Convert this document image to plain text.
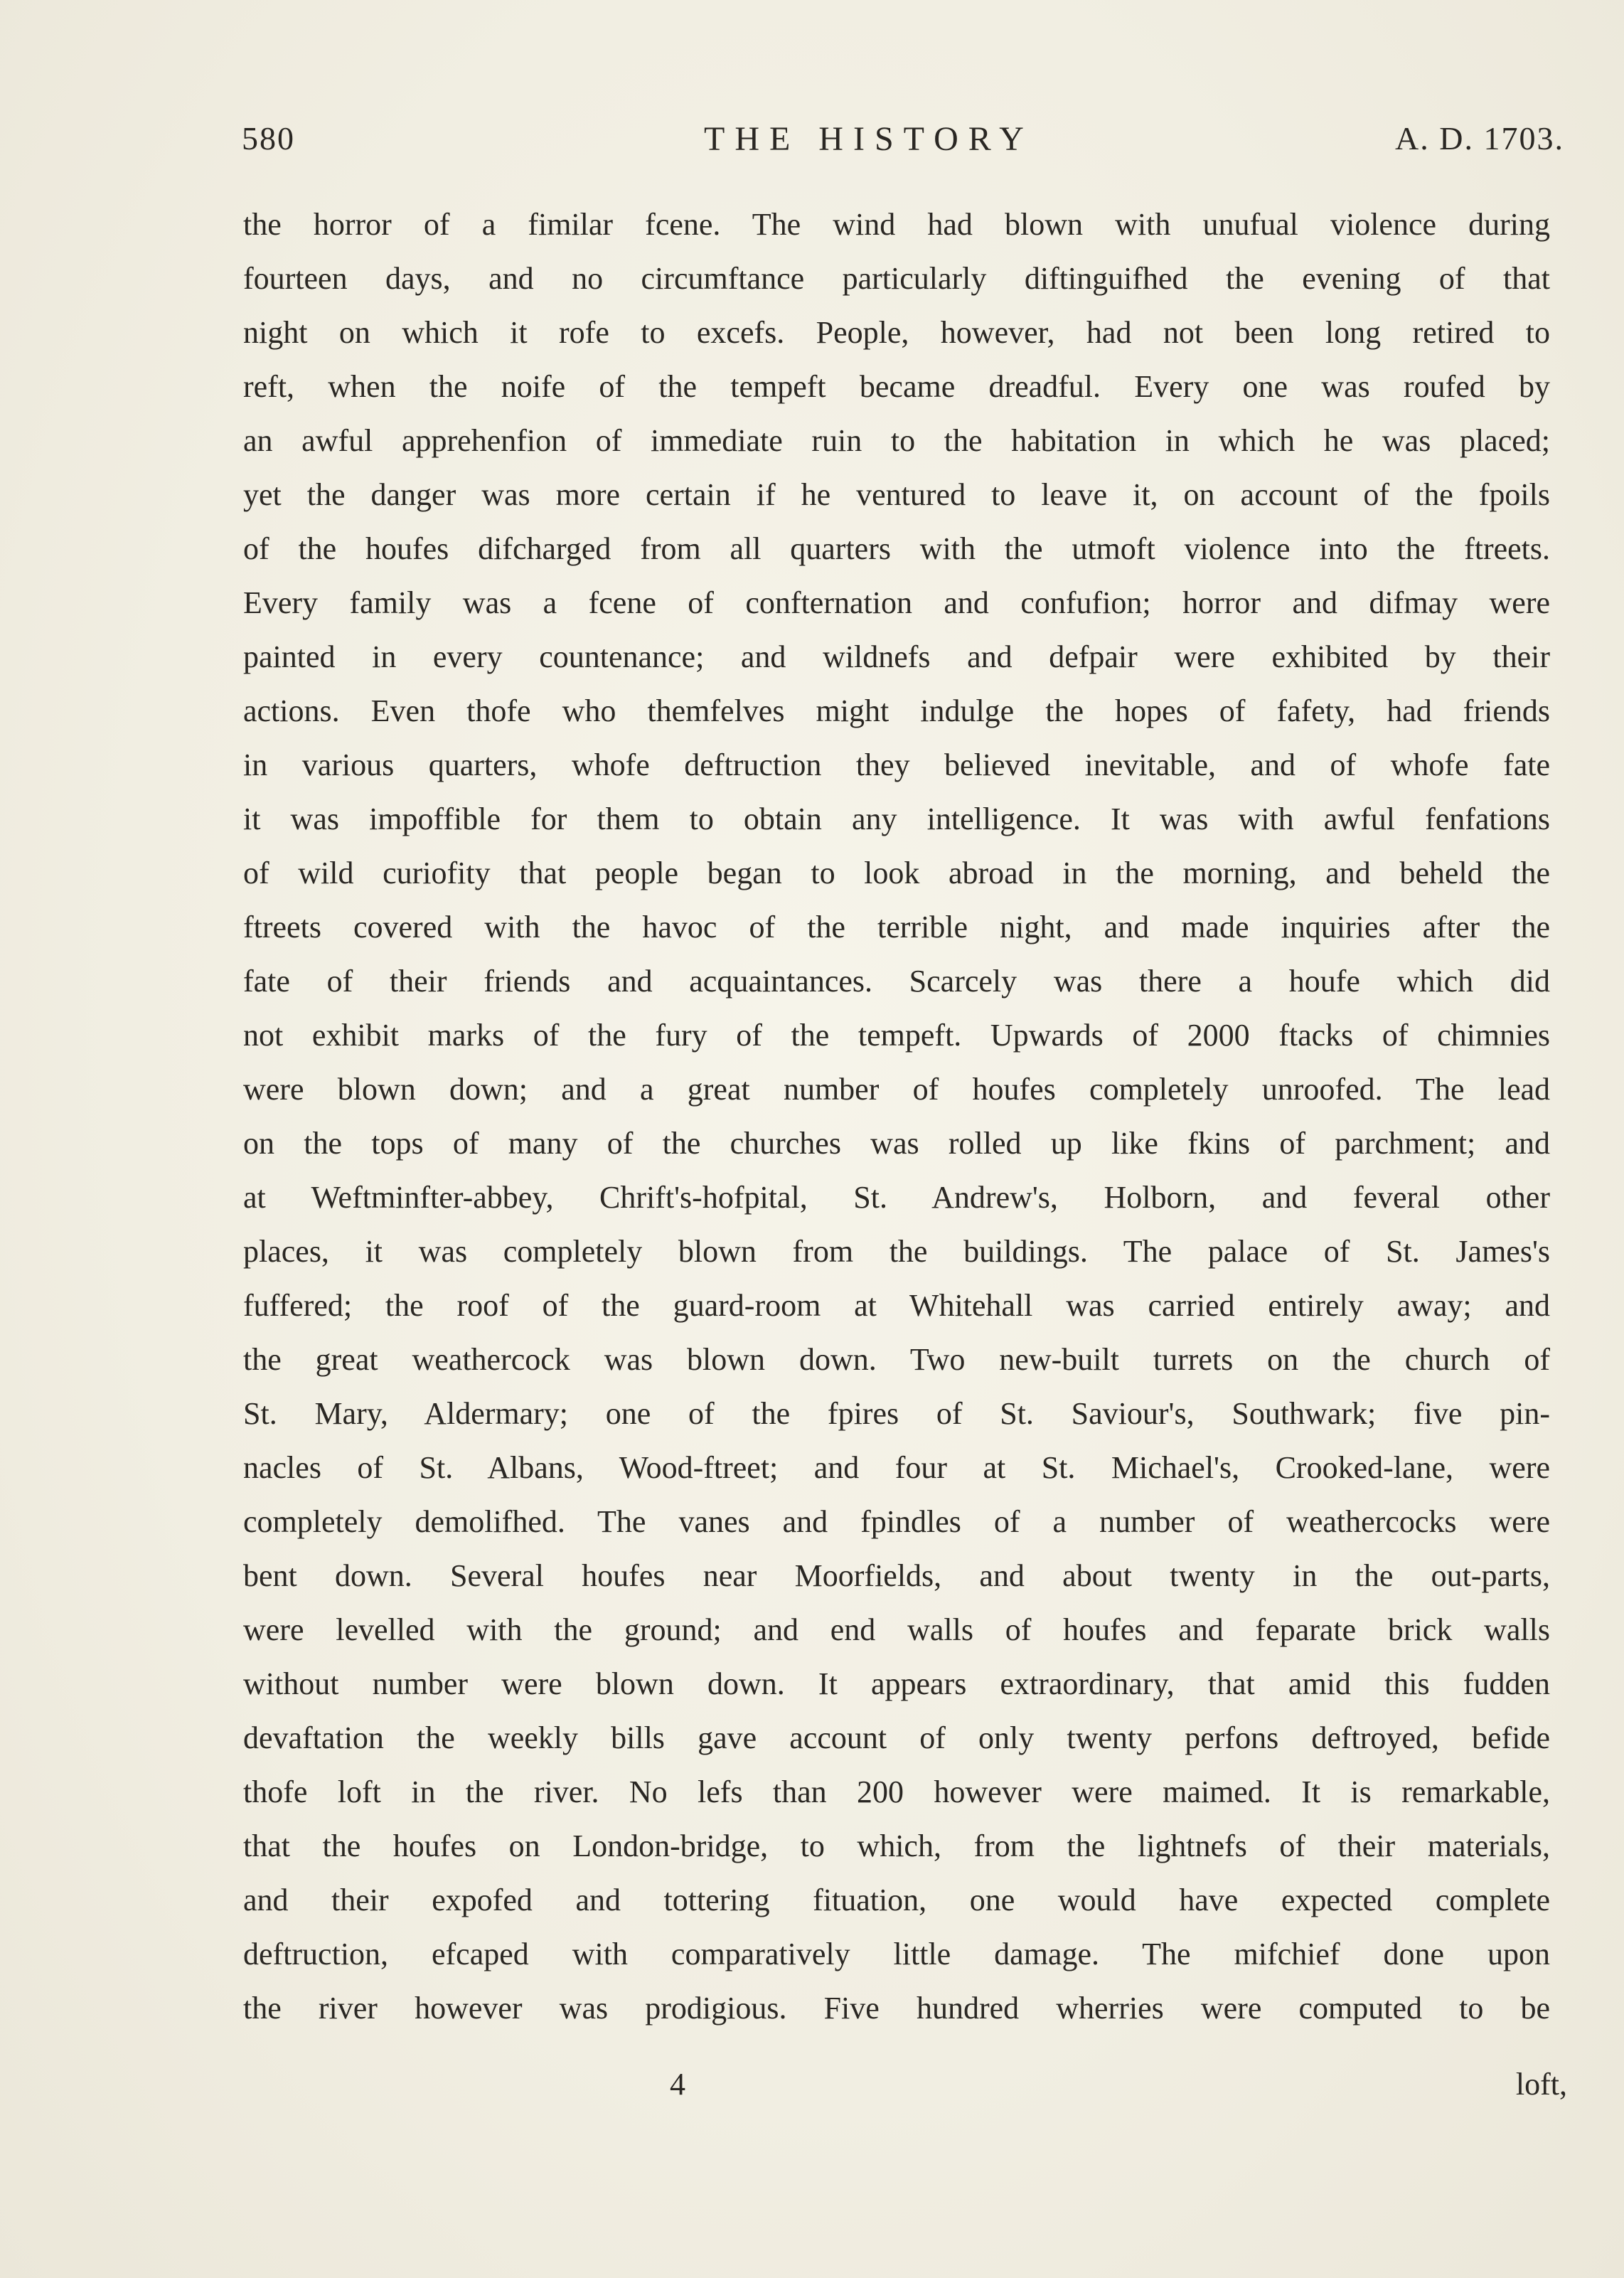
580	THE HISTORY	A. D. 1703.
the horror of a fimilar fcene. The wind had blown with unufual violence during
fourteen days, and no circumftance particularly diftinguifhed the evening of that
night on which it rofe to excefs. People, however, had not been long retired to
reft, when the noife of the tempeft became dreadful. Every one was roufed by
an awful apprehenfion of immediate ruin to the habitation in which he was placed;
yet the danger was more certain if he ventured to leave it, on account of the fpoils
of the houfes difcharged from all quarters with the utmoft violence into the ftreets.
Every family was a fcene of confternation and confufion; horror and difmay were
painted in every countenance; and wildnefs and defpair were exhibited by their
actions. Even thofe who themfelves might indulge the hopes of fafety, had friends
in various quarters, whofe deftruction they believed inevitable, and of whofe fate
it was impoffible for them to obtain any intelligence. It was with awful fenfations
of wild curiofity that people began to look abroad in the morning, and beheld the
ftreets covered with the havoc of the terrible night, and made inquiries after the
fate of their friends and acquaintances. Scarcely was there a houfe which did
not exhibit marks of the fury of the tempeft. Upwards of 2000 ftacks of chimnies
were blown down; and a great number of houfes completely unroofed. The lead
on the tops of many of the churches was rolled up like fkins of parchment; and
at Weftminfter-abbey, Chrift's-hofpital, St. Andrew's, Holborn, and feveral other
places, it was completely blown from the buildings. The palace of St. James's
fuffered; the roof of the guard-room at Whitehall was carried entirely away; and
the great weathercock was blown down. Two new-built turrets on the church of
St. Mary, Aldermary; one of the fpires of St. Saviour's, Southwark; five pin-
nacles of St. Albans, Wood-ftreet; and four at St. Michael's, Crooked-lane, were
completely demolifhed. The vanes and fpindles of a number of weathercocks were
bent down. Several houfes near Moorfields, and about twenty in the out-parts,
were levelled with the ground; and end walls of houfes and feparate brick walls
without number were blown down. It appears extraordinary, that amid this fudden
devaftation the weekly bills gave account of only twenty perfons deftroyed, befide
thofe loft in the river. No lefs than 200 however were maimed. It is remarkable,
that the houfes on London-bridge, to which, from the lightnefs of their materials,
and their expofed and tottering fituation, one would have expected complete
deftruction, efcaped with comparatively little damage. The mifchief done upon
the river however was prodigious. Five hundred wherries were computed to be
4	loft,
